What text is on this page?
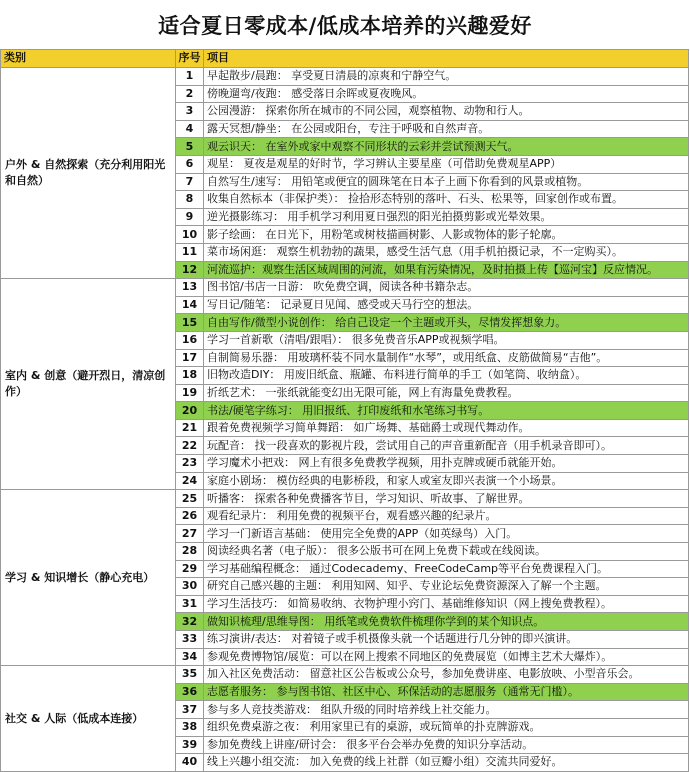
适合夏日零成本/低成本培养的兴趣爱好
类别	序号	项目
户外 & 自然探索（充分利用阳光和自然）	1	早起散步/晨跑： 享受夏日清晨的凉爽和宁静空气。
	2	傍晚遛弯/夜跑： 感受落日余晖或夏夜晚风。
	3	公园漫游： 探索你所在城市的不同公园，观察植物、动物和行人。
	4	露天冥想/静坐： 在公园或阳台，专注于呼吸和自然声音。
	5	观云识天： 在室外或家中观察不同形状的云彩并尝试预测天气。
	6	观星： 夏夜是观星的好时节，学习辨认主要星座（可借助免费观星APP）
	7	自然写生/速写： 用铅笔或便宜的圆珠笔在日本子上画下你看到的风景或植物。
	8	收集自然标本（非保护类）： 捡拾形态特别的落叶、石头、松果等，回家创作或布置。
	9	逆光摄影练习： 用手机学习利用夏日强烈的阳光拍摄剪影或光晕效果。
	10	影子绘画： 在日光下，用粉笔或树枝描画树影、人影或物体的影子轮廓。
	11	菜市场闲逛： 观察生机勃勃的蔬果，感受生活气息（用手机拍摄记录，不一定购买）。
	12	河流巡护：观察生活区域周围的河流，如果有污染情况，及时拍摄上传【巡河宝】反应情况。
室内 & 创意（避开烈日，清凉创作）	13	图书馆/书店一日游： 吹免费空调，阅读各种书籍杂志。
	14	写日记/随笔： 记录夏日见闻、感受或天马行空的想法。
	15	自由写作/微型小说创作： 给自己设定一个主题或开头，尽情发挥想象力。
	16	学习一首新歌（清唱/跟唱）： 很多免费音乐APP或视频学唱。
	17	自制简易乐器： 用玻璃杯装不同水量制作“水琴”，或用纸盒、皮筋做简易“吉他”。
	18	旧物改造DIY： 用废旧纸盒、瓶罐、布料进行简单的手工（如笔筒、收纳盒）。
	19	折纸艺术： 一张纸就能变幻出无限可能，网上有海量免费教程。
	20	书法/硬笔字练习： 用旧报纸、打印废纸和水笔练习书写。
	21	跟着免费视频学习简单舞蹈： 如广场舞、基础爵士或现代舞动作。
	22	玩配音： 找一段喜欢的影视片段，尝试用自己的声音重新配音（用手机录音即可）。
	23	学习魔术小把戏： 网上有很多免费教学视频，用扑克牌或硬币就能开始。
	24	家庭小剧场： 模仿经典的电影桥段，和家人或室友即兴表演一个小场景。
学习 & 知识增长（静心充电）	25	听播客： 探索各种免费播客节目，学习知识、听故事、了解世界。
	26	观看纪录片： 利用免费的视频平台，观看感兴趣的纪录片。
	27	学习一门新语言基础： 使用完全免费的APP（如英绿鸟）入门。
	28	阅读经典名著（电子版）： 很多公版书可在网上免费下载或在线阅读。
	29	学习基础编程概念： 通过Codecademy、FreeCodeCamp等平台免费课程入门。
	30	研究自己感兴趣的主题： 利用知网、知乎、专业论坛免费资源深入了解一个主题。
	31	学习生活技巧： 如简易收纳、衣物护理小窍门、基础维修知识（网上搜免费教程）。
	32	做知识梳理/思维导图： 用纸笔或免费软件梳理你学到的某个知识点。
	33	练习演讲/表达： 对着镜子或手机摄像头就一个话题进行几分钟的即兴演讲。
	34	参观免费博物馆/展览：可以在网上搜索不同地区的免费展览（如博主艺术大爆炸）。
社交 & 人际（低成本连接）	35	加入社区免费活动： 留意社区公告板或公众号，参加免费讲座、电影放映、小型音乐会。
	36	志愿者服务： 参与图书馆、社区中心、环保活动的志愿服务（通常无门槛）。
	37	参与多人竞技类游戏： 组队升级的同时培养线上社交能力。
	38	组织免费桌游之夜： 利用家里已有的桌游，或玩简单的扑克牌游戏。
	39	参加免费线上讲座/研讨会： 很多平台会举办免费的知识分享活动。
	40	线上兴趣小组交流： 加入免费的线上社群（如豆瓣小组）交流共同爱好。
